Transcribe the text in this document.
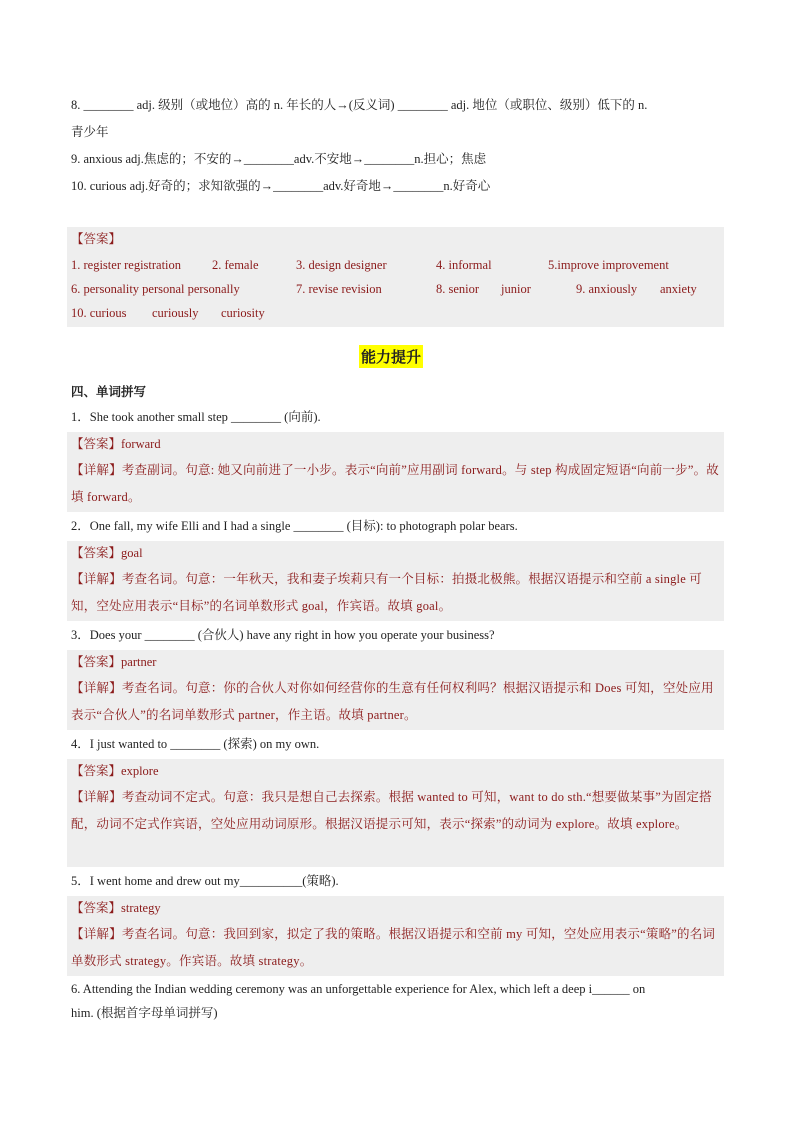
8. ________ adj. 级别（或地位）高的 n. 年长的人→(反义词) ________ adj. 地位（或职位、级别）低下的 n.
青少年
9. anxious adj.焦虑的；不安的→________adv.不安地→________n.担心；焦虑
10. curious adj.好奇的；求知欲强的→________adv.好奇地→________n.好奇心
【答案】
1. register registration 2. female	3. design designer	4. informal	5.improve improvement
6. personality personal personally	7. revise revision	8. senior junior	9. anxiously anxiety
10. curious curiously curiosity
能力提升
四、单词拼写
1．She took another small step ________ (向前).
【答案】forward
【详解】考查副词。句意: 她又向前进了一小步。表示“向前”应用副词 forward。与 step 构成固定短语“向前一步”。故填 forward。
2．One fall, my wife Elli and I had a single ________ (目标): to photograph polar bears.
【答案】goal
【详解】考查名词。句意：一年秋天，我和妻子埃莉只有一个目标：拍摄北极熊。根据汉语提示和空前 a single 可知，空处应用表示“目标”的名词单数形式 goal，作宾语。故填 goal。
3．Does your ________ (合伙人) have any right in how you operate your business?
【答案】partner
【详解】考查名词。句意：你的合伙人对你如何经营你的生意有任何权利吗？根据汉语提示和 Does 可知，空处应用表示“合伙人”的名词单数形式 partner，作主语。故填 partner。
4．I just wanted to ________ (探索) on my own.
【答案】explore
【详解】考查动词不定式。句意：我只是想自己去探索。根据 wanted to 可知，want to do sth.“想要做某事”为固定搭配，动词不定式作宾语，空处应用动词原形。根据汉语提示可知，表示“探索”的动词为 explore。故填 explore。
5．I went home and drew out my__________(策略).
【答案】strategy
【详解】考查名词。句意：我回到家，拟定了我的策略。根据汉语提示和空前 my 可知，空处应用表示“策略”的名词单数形式 strategy。作宾语。故填 strategy。
6. Attending the Indian wedding ceremony was an unforgettable experience for Alex, which left a deep i______ on
him. (根据首字母单词拼写)
